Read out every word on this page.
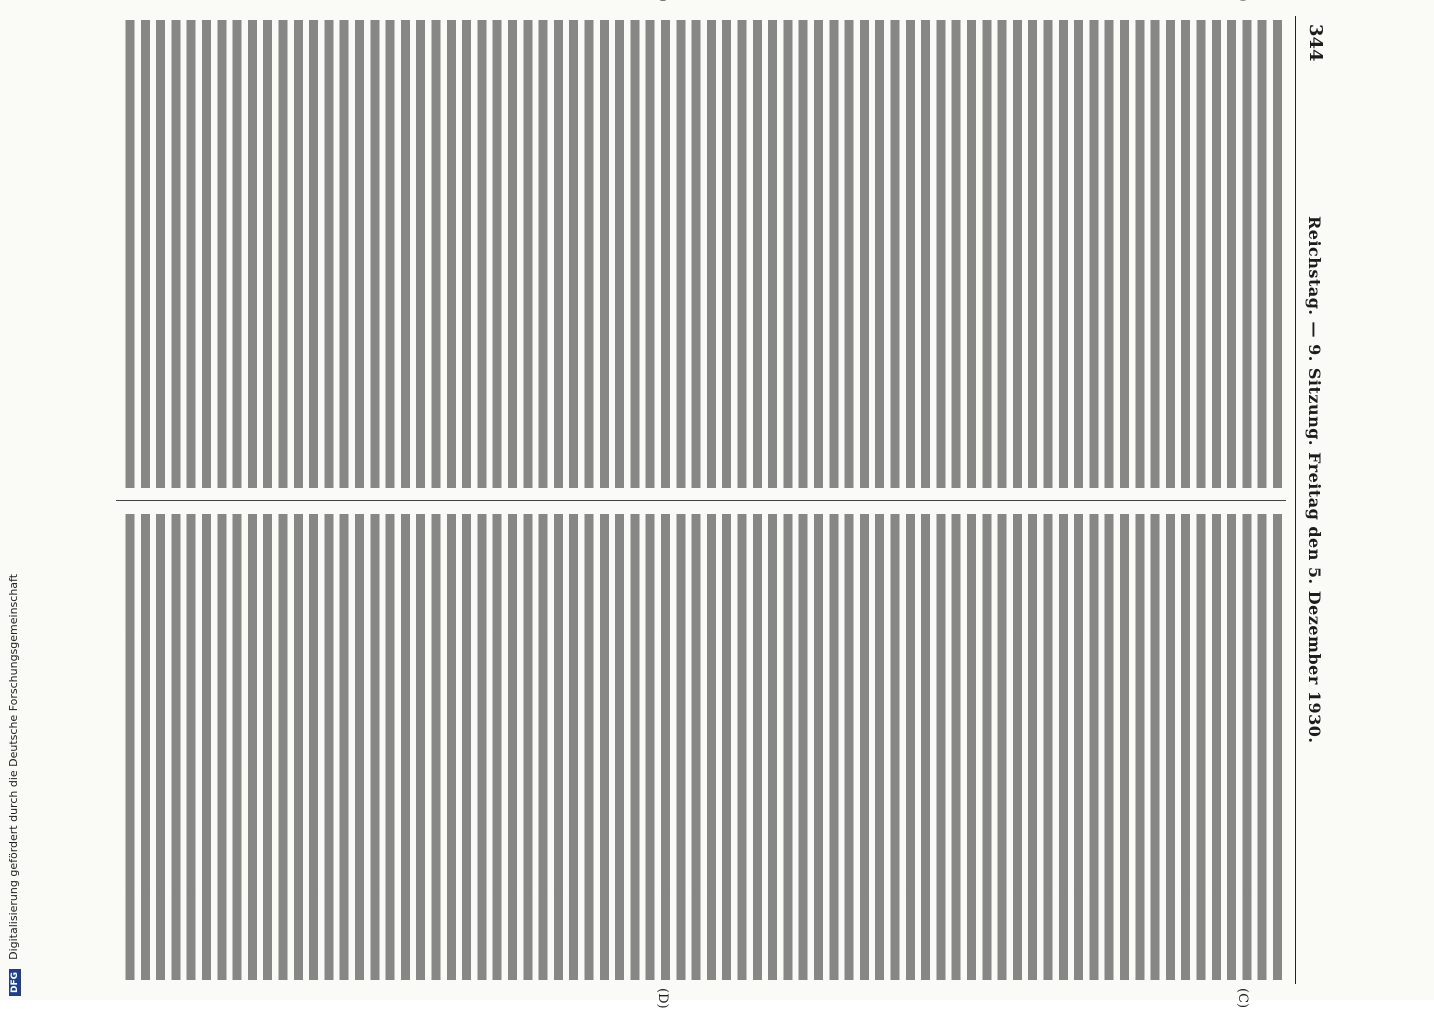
344
Reichstag. — 9. Sitzung. Freitag den 5. Dezember 1930.
(C)
(D)
DFG Digitalisierung gefördert durch die Deutsche Forschungsgemeinschaft
